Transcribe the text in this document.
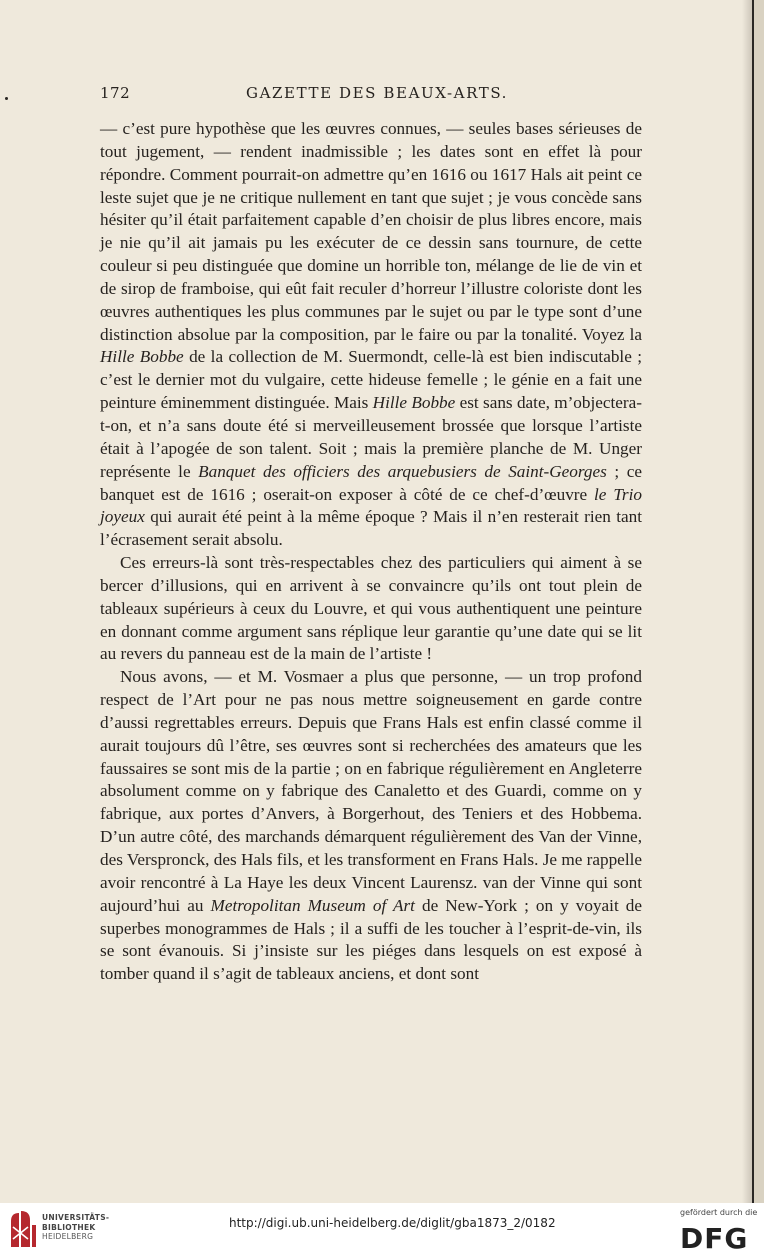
172	GAZETTE DES BEAUX-ARTS.

— c’est pure hypothèse que les œuvres connues, — seules bases sérieuses de tout jugement, — rendent inadmissible ; les dates sont en effet là pour répondre. Comment pourrait-on admettre qu’en 1616 ou 1617 Hals ait peint ce leste sujet que je ne critique nullement en tant que sujet ; je vous concède sans hésiter qu’il était parfaitement capable d’en choisir de plus libres encore, mais je nie qu’il ait jamais pu les exécuter de ce dessin sans tournure, de cette couleur si peu distinguée que domine un horrible ton, mélange de lie de vin et de sirop de framboise, qui eût fait reculer d’horreur l’illustre coloriste dont les œuvres authentiques les plus communes par le sujet ou par le type sont d’une distinction absolue par la composition, par le faire ou par la tonalité. Voyez la Hille Bobbe de la collection de M. Suermondt, celle-là est bien indiscutable ; c’est le dernier mot du vulgaire, cette hideuse femelle ; le génie en a fait une peinture éminemment distinguée. Mais Hille Bobbe est sans date, m’objectera-t-on, et n’a sans doute été si merveilleusement brossée que lorsque l’artiste était à l’apogée de son talent. Soit ; mais la première planche de M. Unger représente le Banquet des officiers des arquebusiers de Saint-Georges ; ce banquet est de 1616 ; oserait-on exposer à côté de ce chef-d’œuvre le Trio joyeux qui aurait été peint à la même époque ? Mais il n’en resterait rien tant l’écrasement serait absolu.

Ces erreurs-là sont très-respectables chez des particuliers qui aiment à se bercer d’illusions, qui en arrivent à se convaincre qu’ils ont tout plein de tableaux supérieurs à ceux du Louvre, et qui vous authentiquent une peinture en donnant comme argument sans réplique leur garantie qu’une date qui se lit au revers du panneau est de la main de l’artiste !

Nous avons, — et M. Vosmaer a plus que personne, — un trop profond respect de l’Art pour ne pas nous mettre soigneusement en garde contre d’aussi regrettables erreurs. Depuis que Frans Hals est enfin classé comme il aurait toujours dû l’être, ses œuvres sont si recherchées des amateurs que les faussaires se sont mis de la partie ; on en fabrique régulièrement en Angleterre absolument comme on y fabrique des Canaletto et des Guardi, comme on y fabrique, aux portes d’Anvers, à Borgerhout, des Teniers et des Hobbema. D’un autre côté, des marchands démarquent régulièrement des Van der Vinne, des Verspronck, des Hals fils, et les transforment en Frans Hals. Je me rappelle avoir rencontré à La Haye les deux Vincent Laurensz. van der Vinne qui sont aujourd’hui au Metropolitan Museum of Art de New-York ; on y voyait de superbes monogrammes de Hals ; il a suffi de les toucher à l’esprit-de-vin, ils se sont évanouis. Si j’insiste sur les piéges dans lesquels on est exposé à tomber quand il s’agit de tableaux anciens, et dont sont

UNIVERSITÄTS-
BIBLIOTHEK
HEIDELBERG
http://digi.ub.uni-heidelberg.de/diglit/gba1873_2/0182
gefördert durch die
DFG
